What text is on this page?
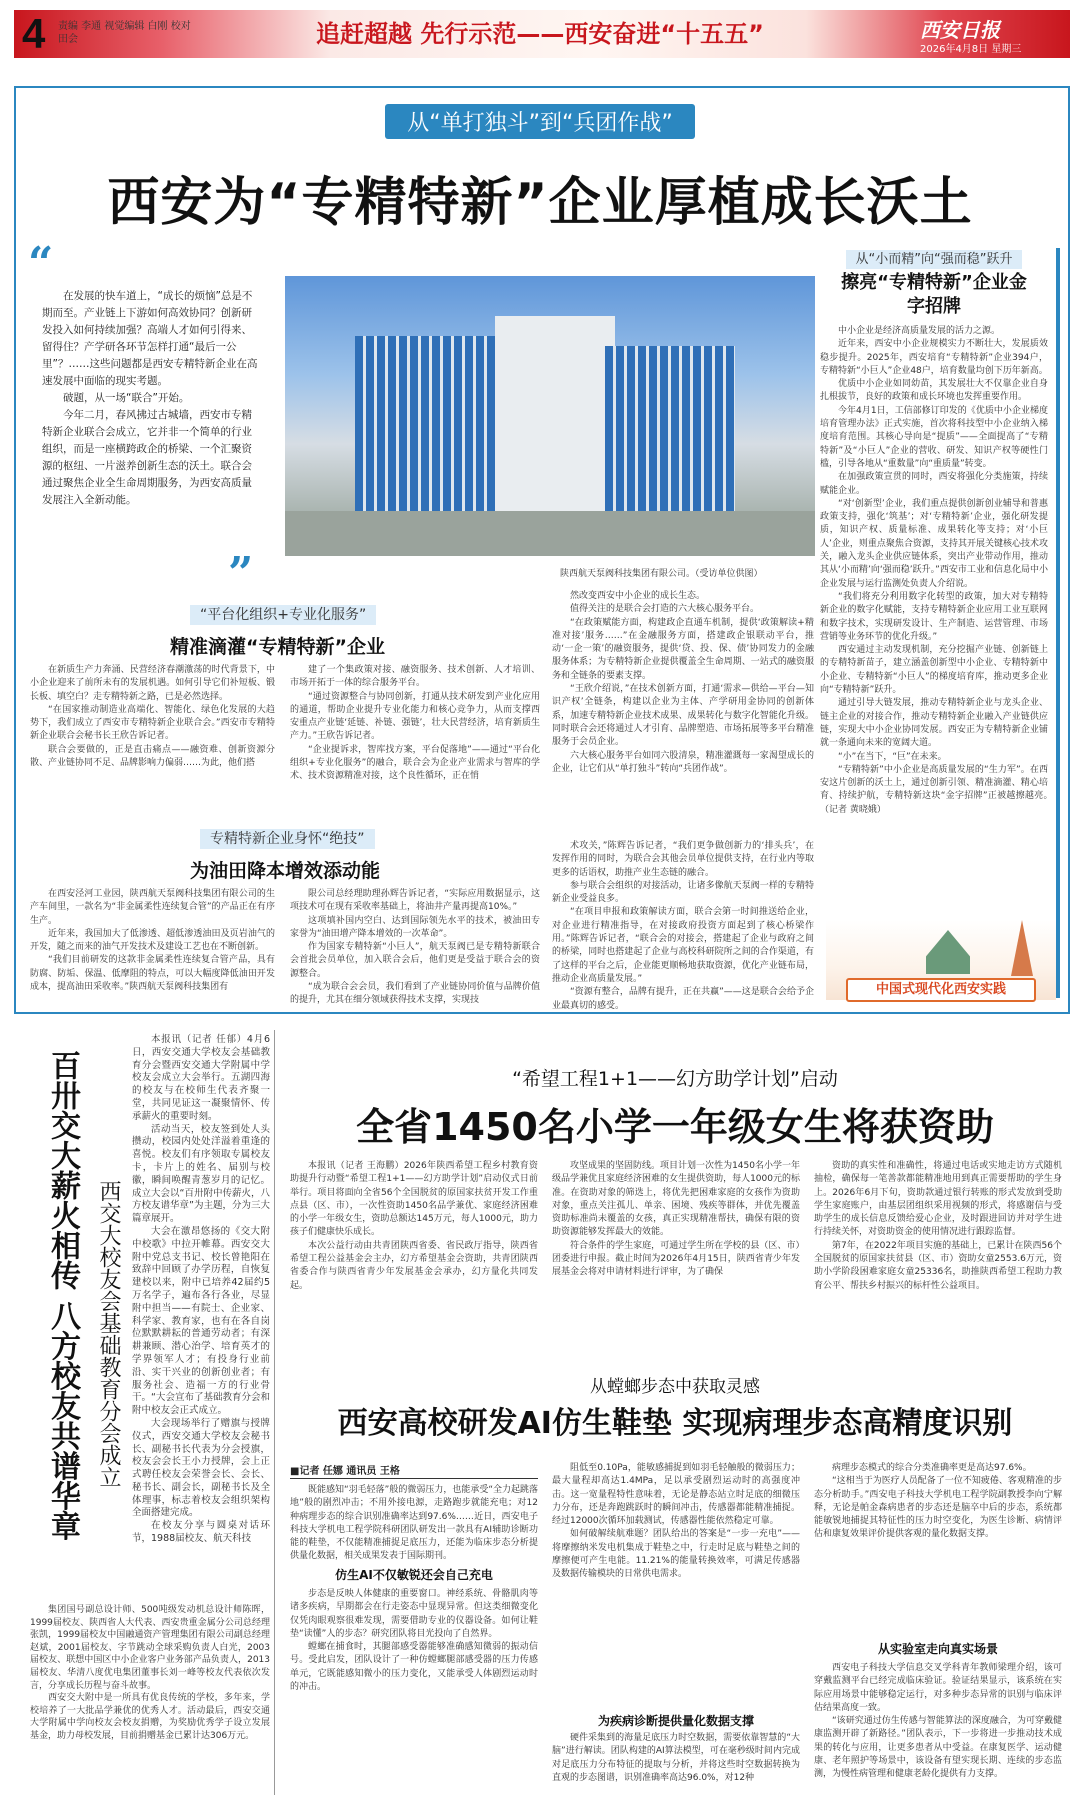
4 责编 李通 视觉编辑 白刚 校对 田会	追赶超越 先行示范——西安奋进“十五五”	西安日报
2026年4月8日 星期三
从“单打独斗”到“兵团作战”
西安为“专精特新”企业厚植成长沃土
“

在发展的快车道上，“成长的烦恼”总是不期而至。产业链上下游如何高效协同？创新研发投入如何持续加强？高端人才如何引得来、留得住？产学研各环节怎样打通“最后一公里”？……这些问题都是西安专精特新企业在高速发展中面临的现实考题。

破题，从一场“联合”开始。

今年二月，春风拂过古城墙，西安市专精特新企业联合会成立，它并非一个简单的行业组织，而是一座横跨政企的桥梁、一个汇聚资源的枢纽、一片滋养创新生态的沃土。联合会通过聚焦企业全生命周期服务，为西安高质量发展注入全新动能。

”	陕西航天泵阀科技集团有限公司。（受访单位供图）
“平台化组织+专业化服务”
精准滴灌“专精特新”企业

在新质生产力奔涌、民营经济春潮激荡的时代背景下，中小企业迎来了前所未有的发展机遇。如何引导它们补短板、锻长板、填空白？走专精特新之路，已是必然选择。

“在国家推动制造业高端化、智能化、绿色化发展的大趋势下，我们成立了西安市专精特新企业联合会。”西安市专精特新企业联合会秘书长王欣告诉记者。

联合会要做的，正是直击痛点——融资难、创新资源分散、产业链协同不足、品牌影响力偏弱……为此，他们搭

建了一个集政策对接、融资服务、技术创新、人才培训、市场开拓于一体的综合服务平台。

“通过资源整合与协同创新，打通从技术研发到产业化应用的通道，帮助企业提升专业化能力和核心竞争力，从而支撑西安重点产业链‘延链、补链、强链’，壮大民营经济，培育新质生产力。”王欣告诉记者。

“企业提诉求，智库找方案，平台促落地”——通过“平台化组织+专业化服务”的融合，联合会为企业产业需求与智库的学术、技术资源精准对接，这个良性循环，正在悄

然改变西安中小企业的成长生态。

值得关注的是联合会打造的六大核心服务平台。

“在政策赋能方面，构建政企直通车机制，提供‘政策解读+精准对接’服务……”在金融服务方面，搭建政企银联动平台，推动‘一企一策’的融资服务，提供‘贷、投、保、债’协同发力的金融服务体系；为专精特新企业提供覆盖全生命周期、一站式的融资服务和全链条的要素支撑。

“王欣介绍说，”在技术创新方面，打通‘需求—供给—平台—知识产权’全链条，构建以企业为主体、产学研用金协同的创新体系，加速专精特新企业技术成果、成果转化与数字化智能化升级。同时联合会还将通过人才引育、品牌塑造、市场拓展等多平台精准服务于会员企业。

六大核心服务平台如同六股清泉，精准灌溉每一家渴望成长的企业，让它们从“单打独斗”转向“兵团作战”。

专精特新企业身怀“绝技”
为油田降本增效添动能

在西安泾河工业园，陕西航天泵阀科技集团有限公司的生产车间里，一款名为“非金属柔性连续复合管”的产品正在有序生产。

近年来，我国加大了低渗透、超低渗透油田及页岩油气的开发，随之而来的油气开发技术及建设工艺也在不断创新。

“我们目前研发的这款非金属柔性连续复合管产品，具有防腐、防垢、保温、低摩阻的特点，可以大幅度降低油田开发成本，提高油田采收率。”陕西航天泵阀科技集团有

限公司总经理助理孙辉告诉记者，“实际应用数据显示，这项技术可在现有采收率基础上，将油井产量再提高10%。”

这项填补国内空白、达到国际领先水平的技术，被油田专家誉为“油田增产降本增效的一次革命”。

作为国家专精特新“小巨人”，航天泵阀已是专精特新联合会首批会员单位，加入联合会后，他们更是受益于联合会的资源整合。

“成为联合会会员，我们看到了产业链协同价值与品牌价值的提升，尤其在细分领域获得技术支撑，实现技

术攻关，”陈辉告诉记者，“我们更争做创新力的‘排头兵’，在发挥作用的同时，为联合会其他会员单位提供支持，在行业内等取更多的话语权，助推产业生态链的融合。

参与联合会组织的对接活动，让诸多像航天泵阀一样的专精特新企业受益良多。

“在项目申报和政策解读方面，联合会第一时间推送给企业，对企业进行精准指导，在对接政府投资方面起到了核心桥梁作用。”陈辉告诉记者，“联合会的对接会，搭建起了企业与政府之间的桥梁，同时也搭建起了企业与高校科研院所之间的合作渠道，有了这样的平台之后，企业能更顺畅地获取资源，优化产业链布局，推动企业高质量发展。”

“资源有整合，品牌有提升，正在共赢”——这是联合会给予企业最真切的感受。

从“小而精”向“强而稳”跃升
擦亮“专精特新”企业金字招牌

中小企业是经济高质量发展的活力之源。

近年来，西安中小企业规模实力不断壮大，发展质效稳步提升。2025年，西安培育“专精特新”企业394户，专精特新“小巨人”企业48户，培育数量均创下历年新高。

优质中小企业如同幼苗，其发展壮大不仅靠企业自身扎根拔节，良好的政策和成长环境也发挥重要作用。

今年4月1日，工信部修订印发的《优质中小企业梯度培育管理办法》正式实施，首次将科技型中小企业纳入梯度培育范围。其核心导向是“提质”——全面提高了“专精特新”及“小巨人”企业的营收、研发、知识产权等硬性门槛，引导各地从“重数量”向“重质量”转变。

在加强政策宣贯的同时，西安将强化分类施策，持续赋能企业。

“对‘创新型’企业，我们重点提供创新创业辅导和普惠政策支持，强化‘筑基’；对‘专精特新’企业，强化研发提质，知识产权、质量标准、成果转化等支持；对‘小巨人’企业，则重点聚焦合资源，支持其开展关键核心技术攻关，融入龙头企业供应链体系，突出产业带动作用，推动其从‘小而精’向‘强而稳’跃升。”西安市工业和信息化局中小企业发展与运行监测处负责人介绍说。

“我们将充分利用数字化转型的政策，加大对专精特新企业的数字化赋能，支持专精特新企业应用工业互联网和数字技术，实现研发设计、生产制造、运营管理、市场营销等业务环节的优化升级。”

西安通过主动发现机制，充分挖掘产业链、创新链上的专精特新苗子，建立涵盖创新型中小企业、专精特新中小企业、专精特新“小巨人”的梯度培育库，推动更多企业向“专精特新”跃升。

通过引导大链发展，推动专精特新企业与龙头企业、链主企业的对接合作，推动专精特新企业融入产业链供应链，实现大中小企业协同发展。西安正为专精特新企业铺就一条通向未来的宽阔大道。

“小”在当下，“巨”在未来。

“专精特新”中小企业是高质量发展的“生力军”。在西安这片创新的沃土上，通过创新引领、精准滴灌、精心培育、持续护航，专精特新这块“金字招牌”正被越擦越亮。　　（记者 黄晓娥）

中国式现代化西安实践
百卅交大薪火相传 八方校友共谱华章 西交大校友会基础教育分会成立

本报讯（记者 任郁）4月6日，西安交通大学校友会基础教育分会暨西安交通大学附属中学校友会成立大会举行。五湖四海的校友与在校师生代表齐聚一堂，共同见证这一凝聚情怀、传承薪火的重要时刻。

活动当天，校友签到处人头攒动，校园内处处洋溢着重逢的喜悦。校友们有序领取专属校友卡，卡片上的姓名、届别与校徽，瞬间唤醒青葱岁月的记忆。成立大会以“百卅附中传薪火，八方校友谱华章”为主题，分为三大篇章展开。

大会在激昂悠扬的《交大附中校歌》中拉开帷幕。西安交大附中党总支书记、校长曾艳阳在致辞中回顾了办学历程，自恢复建校以来，附中已培养42届约5万名学子，遍布各行各业，尽显附中担当——有院士、企业家、科学家、教育家，也有在各自岗位默默耕耘的普通劳动者；有深耕兼顾、潜心治学、培育英才的学界领军人才；有投身行业前沿、实干兴业的创新创业者；有服务社会、造福一方的行业骨干。“大会宣布了基础教育分会和附中校友会正式成立。

大会现场举行了赠旗与授牌仪式，西安交通大学校友会秘书长、副秘书长代表为分会授旗，校友会会长王小力授牌，会上正式聘任校友会荣誉会长、会长、秘书长、副会长，副秘书长及全体理事，标志着校友会组织架构全面搭建完成。

在校友分享与圆桌对话环节，1988届校友、航天科技

集团国号副总设计师、500吨级发动机总设计师陈晖，1999届校友、陕西省人大代表、西安贵重金属分公司总经理张凯，1999届校友中国融通资产管理集团有限公司副总经理赵斌，2001届校友、字节跳动全球采购负责人白光，2003届校友、联想中国区中小企业客户业务部产品负责人，2013届校友、华清八度优电集团董事长刘一峰等校友代表依次发言，分享成长历程与奋斗故事。

西安交大附中是一所具有优良传统的学校，多年来，学校培养了一大批品学兼优的优秀人才。活动最后，西安交通大学附属中学向校友会校友捐赠，为奖励优秀学子设立发展基金，助力母校发展，目前捐赠基金已累计达306万元。

“希望工程1+1——幻方助学计划”启动
全省1450名小学一年级女生将获资助

本报讯（记者 王海鹏）2026年陕西希望工程乡村教育资助提升行动暨“希望工程1+1——幻方助学计划”启动仪式日前举行。项目将面向全省56个全国脱贫的原国家扶贫开发工作重点县（区、市），一次性资助1450名品学兼优、家庭经济困难的小学一年级女生，资助总额达145万元，每人1000元，助力孩子们健康快乐成长。

本次公益行动由共青团陕西省委、省民政厅指导，陕西省希望工程公益基金会主办，幻方希望基金会资助，共青团陕西省委合作与陕西省青少年发展基金会承办，幻方量化共同发起。

攻坚成果的坚固防线。项目计划一次性为1450名小学一年级品学兼优且家庭经济困难的女生提供资助，每人1000元的标准。在资助对象的筛选上，将优先把困难家庭的女孩作为资助对象，重点关注孤儿、单亲、困境、残疾等群体，并优先覆盖资助标准尚未覆盖的女孩，真正实现精准帮扶，确保有限的资助资源能够发挥最大的效能。

符合条件的学生家庭，可通过学生所在学校的县（区、市）团委进行申报。截止时间为2026年4月15日，陕西省青少年发展基金会将对申请材料进行评审，为了确保

资助的真实性和准确性，将通过电话或实地走访方式随机抽检，确保每一笔善款都能精准地用到真正需要帮助的学生身上。2026年6月下旬，资助款通过银行转账的形式发放到受助学生家庭账户，由基层团组织采用视频的形式，将感谢信与受助学生的成长信息反馈给爱心企业，及时跟进回访并对学生进行持续关怀，对资助资金的使用情况进行跟踪监督。

第7年，在2022年项目实施的基础上，已累计在陕西56个全国脱贫的原国家扶贫县（区、市）资助女童2553.6万元，资助小学阶段困难家庭女童25336名，助推陕西希望工程助力教育公平、帮扶乡村振兴的标杆性公益项目。

从螳螂步态中获取灵感
西安高校研发AI仿生鞋垫 实现病理步态高精度识别
■记者 任娜 通讯员 王格

既能感知“羽毛轻落”般的微弱压力，也能承受“全力起跳落地”般的剧烈冲击；不用外接电源，走路跑步就能充电；对12种病理步态的综合识别准确率达到97.6%……近日，西安电子科技大学机电工程学院科研团队研发出一款具有AI辅助诊断功能的鞋垫，不仅能精准捕捉足底压力，还能为临床步态分析提供量化数据，相关成果发表于国际期刊。

仿生AI不仅敏锐还会自己充电

步态是反映人体健康的重要窗口。神经系统、骨骼肌肉等诸多疾病，早期都会在行走姿态中显现异常。但这类细微变化仅凭肉眼观察很难发现，需要借助专业的仪器设备。如何让鞋垫“读懂”人的步态？研究团队将目光投向了自然界。

螳螂在捕食时，其腿部感受器能够准确感知微弱的振动信号。受此启发，团队设计了一种仿螳螂腿部感受器的压力传感单元，它既能感知微小的压力变化，又能承受人体剧烈运动时的冲击。

阻低至0.10Pa，能敏感捕捉到如羽毛轻触般的微弱压力；最大量程却高达1.4MPa，足以承受剧烈运动时的高强度冲击。这一宽量程特性意味着，无论是静态站立时足底的细微压力分布，还是奔跑跳跃时的瞬间冲击，传感器都能精准捕捉。经过12000次循环加载测试，传感器性能依然稳定可靠。

如何破解续航难题？团队给出的答案是“一步一充电”——将摩擦纳米发电机集成于鞋垫之中，行走时足底与鞋垫之间的摩擦便可产生电能。11.21%的能量转换效率，可满足传感器及数据传输模块的日常供电需求。

为疾病诊断提供量化数据支撑

硬件采集到的海量足底压力时空数据，需要依靠智慧的“大脑”进行解读。团队构建的AI算法模型，可在毫秒级时间内完成对足底压力分布特征的提取与分析，并将这些时空数据转换为直观的步态图谱，识别准确率高达96.0%，对12种

病理步态模式的综合分类准确率更是高达97.6%。

“这相当于为医疗人员配备了一位不知疲倦、客观精准的步态分析助手。”西安电子科技大学机电工程学院副教授李向宁解释，无论是帕金森病患者的步态还是脑卒中后的步态，系统都能敏锐地捕捉其特征性的压力时空变化，为医生诊断、病情评估和康复效果评价提供客观的量化数据支撑。

从实验室走向真实场景

西安电子科技大学信息交叉学科青年教师梁理介绍，该可穿戴监测平台已经完成临床验证。验证结果显示，该系统在实际应用场景中能够稳定运行，对多种步态异常的识别与临床评估结果高度一致。

“该研究通过仿生传感与智能算法的深度融合，为可穿戴健康监测开辟了新路径。”团队表示，下一步将进一步推动技术成果的转化与应用，让更多患者从中受益。在康复医学、运动健康、老年照护等场景中，该设备有望实现长期、连续的步态监测，为慢性病管理和健康老龄化提供有力支撑。
